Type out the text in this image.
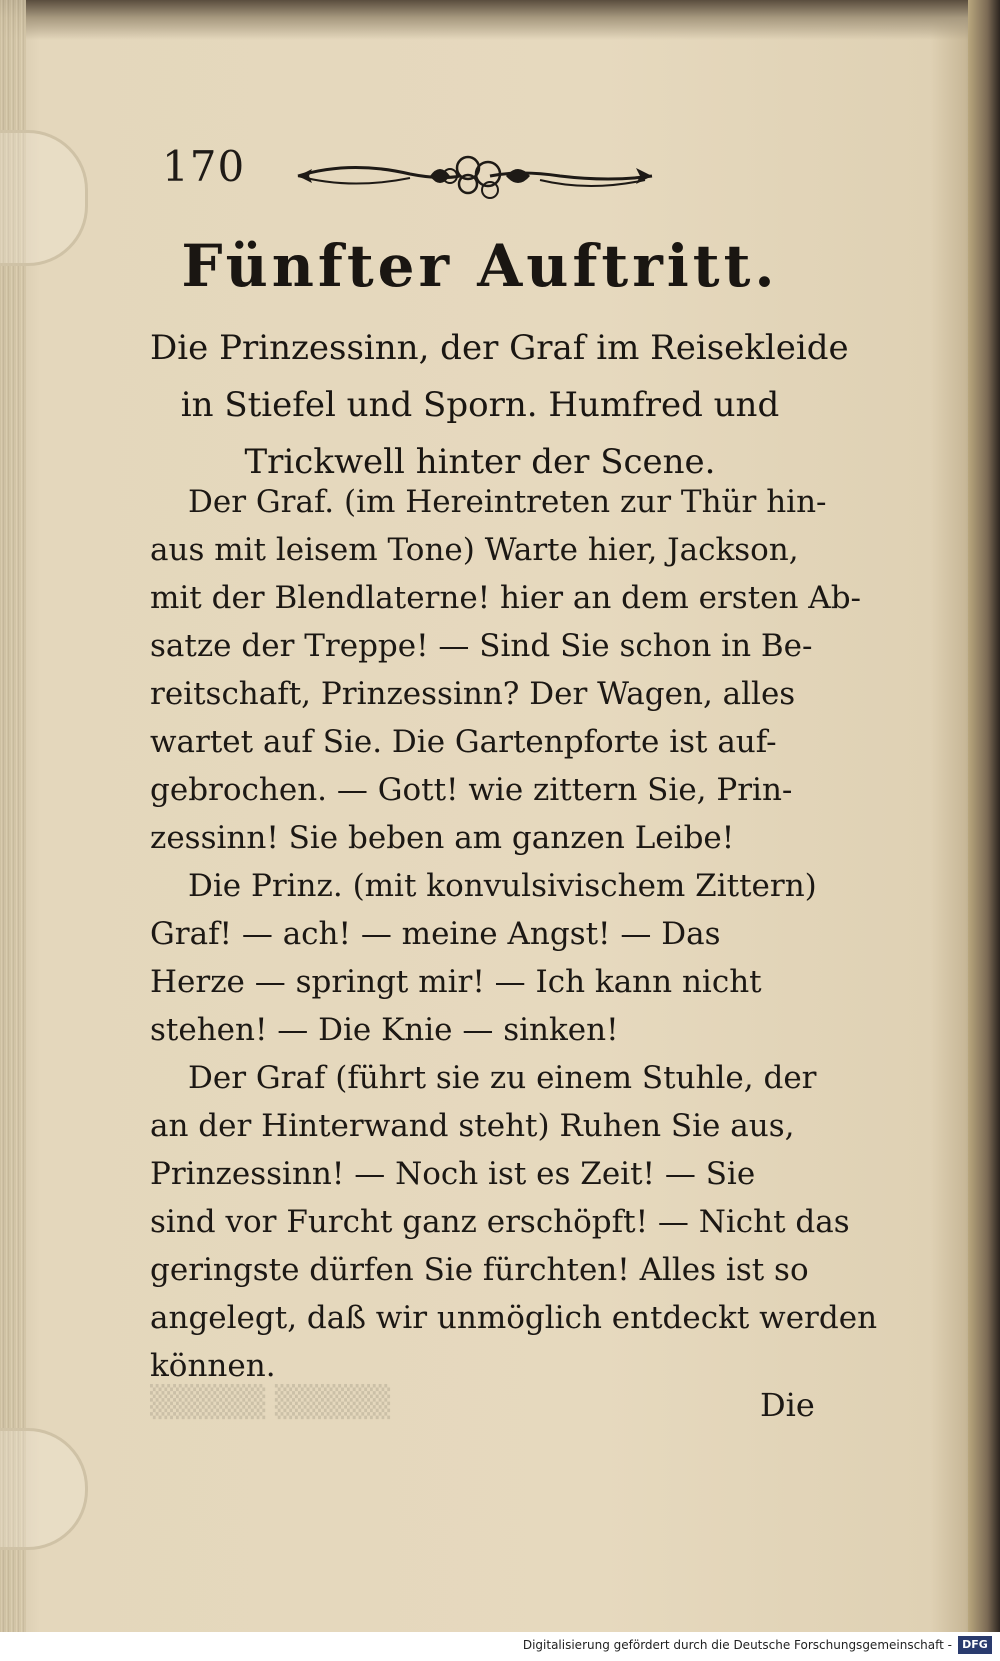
▒▒▒▒▒ ▒▒▒▒▒
170
Fünfter Auftritt.
Die Prinzessinn, der Graf im Reisekleide
in Stiefel und Sporn. Humfred und
Trickwell hinter der Scene.
Der Graf. (im Hereintreten zur Thür hin-
aus mit leisem Tone) Warte hier, Jackson,
mit der Blendlaterne! hier an dem ersten Ab-
satze der Treppe! — Sind Sie schon in Be-
reitschaft, Prinzessinn? Der Wagen, alles
wartet auf Sie. Die Gartenpforte ist auf-
gebrochen. — Gott! wie zittern Sie, Prin-
zessinn! Sie beben am ganzen Leibe!
Die Prinz. (mit konvulsivischem Zittern)
Graf! — ach! — meine Angst! — Das
Herze — springt mir! — Ich kann nicht
stehen! — Die Knie — sinken!
Der Graf (führt sie zu einem Stuhle, der
an der Hinterwand steht) Ruhen Sie aus,
Prinzessinn! — Noch ist es Zeit! — Sie
sind vor Furcht ganz erschöpft! — Nicht das
geringste dürfen Sie fürchten! Alles ist so
angelegt, daß wir unmöglich entdeckt werden
können.
Die
Digitalisierung gefördert durch die Deutsche Forschungsgemeinschaft - DFG
